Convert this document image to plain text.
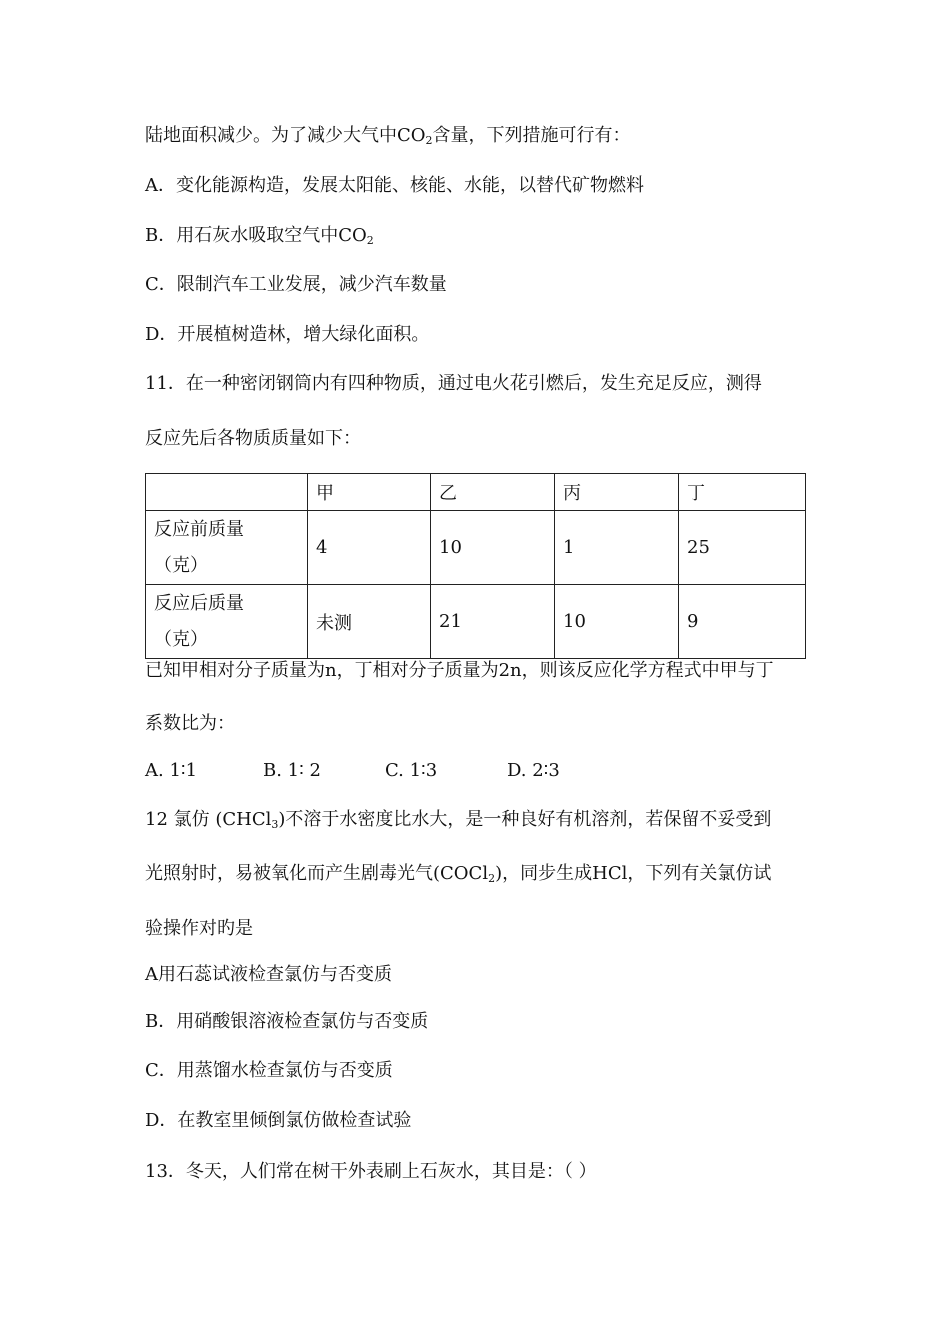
陆地面积减少。为了减少大气中$CO_2$含量，下列措施可行有：
A．变化能源构造，发展太阳能、核能、水能，以替代矿物燃料
B．用石灰水吸取空气中$CO_2$
C．限制汽车工业发展，减少汽车数量
D．开展植树造林，增大绿化面积。
11．在一种密闭钢筒内有四种物质，通过电火花引燃后，发生充足反应，测得
反应先后各物质质量如下：
	甲	乙	丙	丁
反应前质量
（克）	4	10	1	25
反应后质量
（克）	未测	21	10	9
已知甲相对分子质量为n，丁相对分子质量为2n，则该反应化学方程式中甲与丁
系数比为：
A. 1∶1	B. 1∶ 2	C. 1∶3	D. 2∶3
12 氯仿 (CHCl$_3$)不溶于水密度比水大，是一种良好有机溶剂，若保留不妥受到
光照射时，易被氧化而产生剧毒光气(COCl$_2$)，同步生成HCl，下列有关氯仿试
验操作对旳是
A用石蕊试液检查氯仿与否变质
B．用硝酸银溶液检查氯仿与否变质
C．用蒸馏水检查氯仿与否变质
D．在教室里倾倒氯仿做检查试验
13．冬天，人们常在树干外表刷上石灰水，其目是：（ ）
